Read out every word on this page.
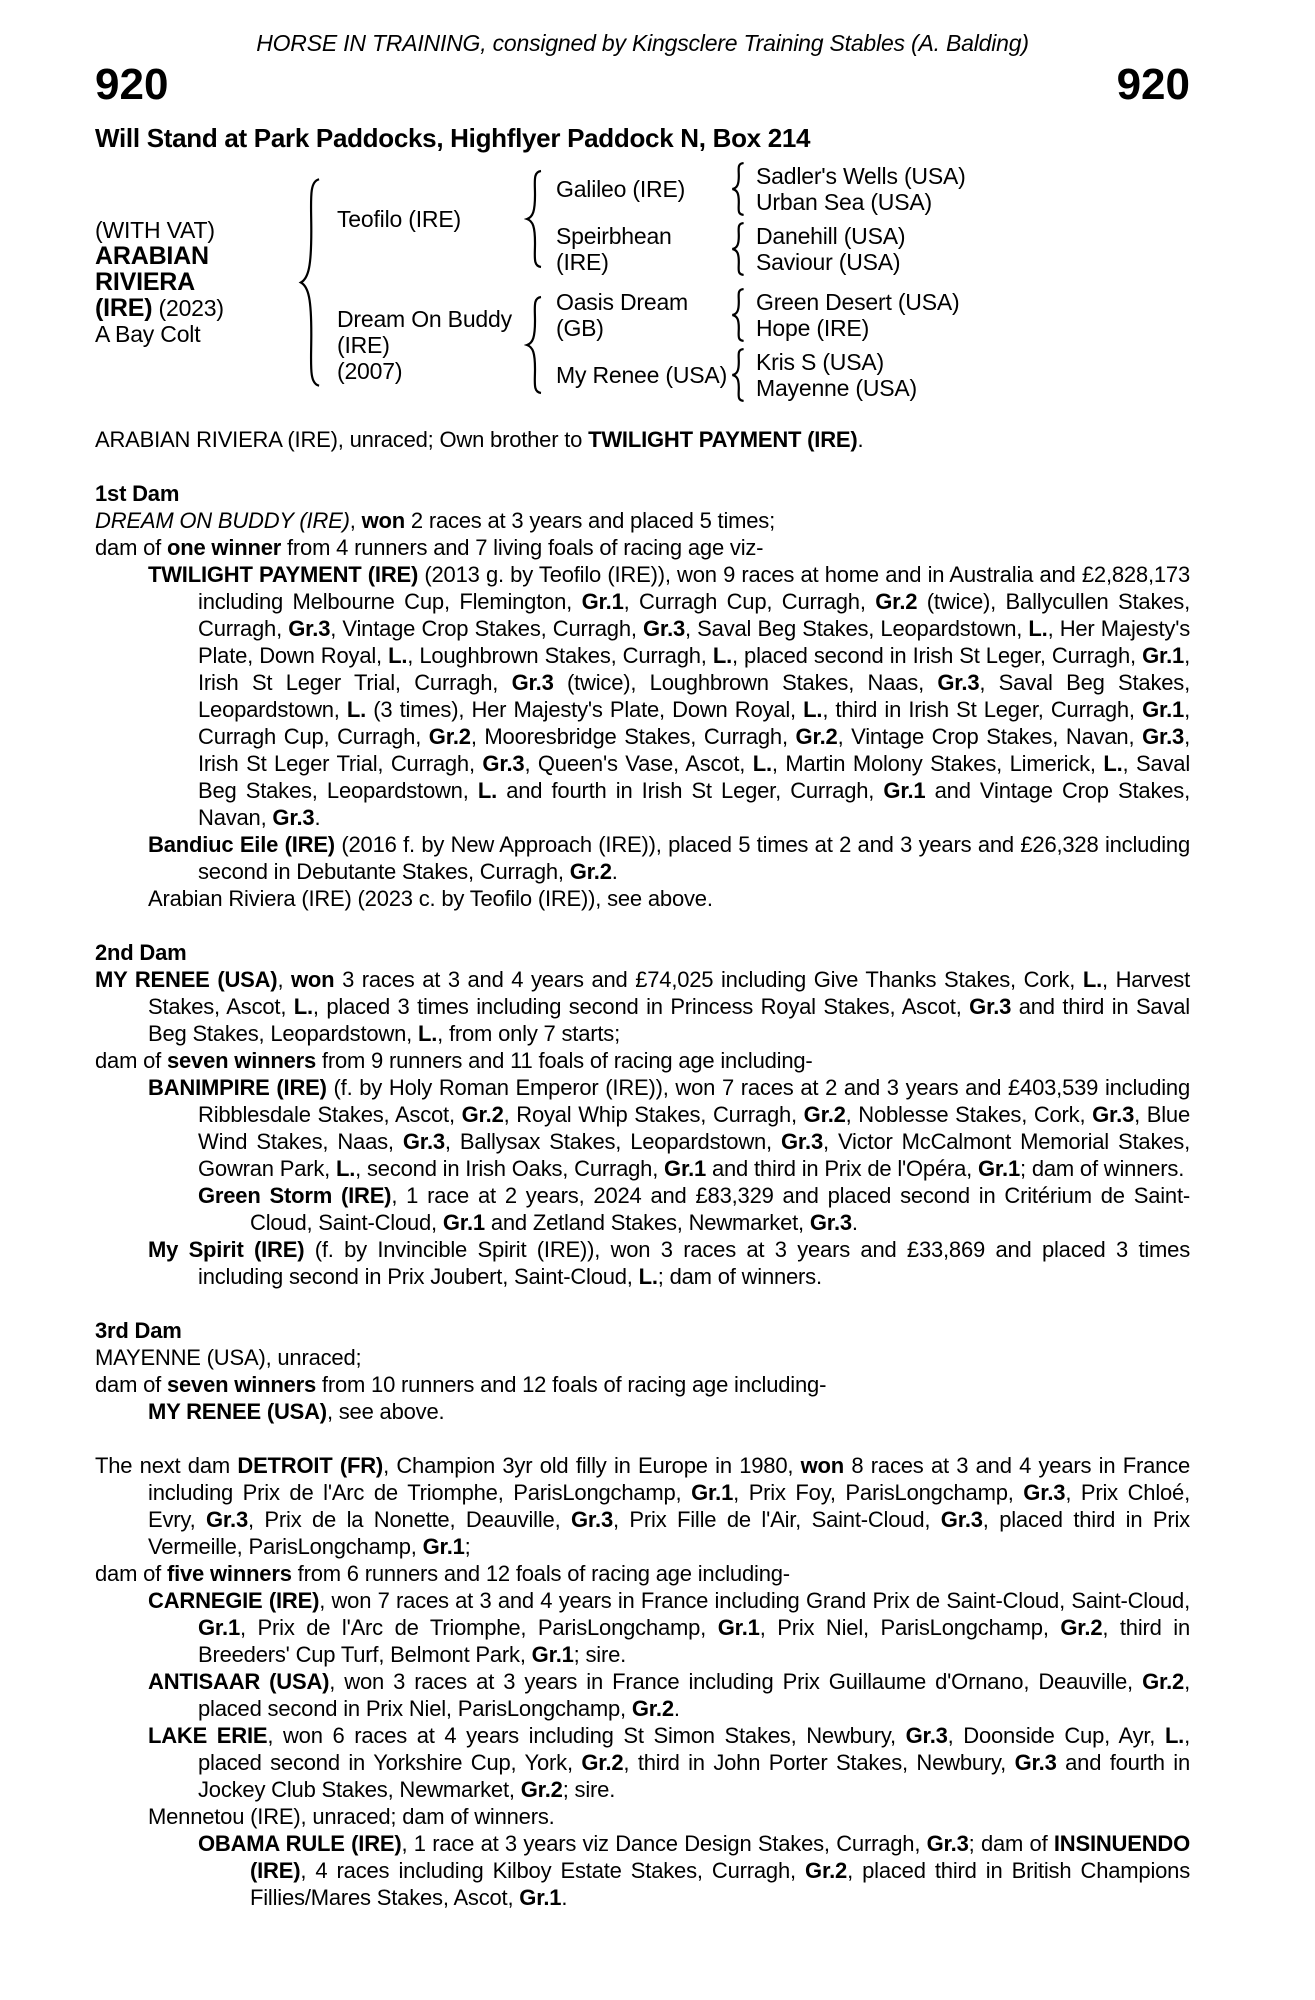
HORSE IN TRAINING, consigned by Kingsclere Training Stables (A. Balding)
920	920
Will Stand at Park Paddocks, Highflyer Paddock N, Box 214
(WITH VAT)
ARABIAN RIVIERA
(IRE) (2023)
A Bay Colt
Teofilo (IRE)
Galileo (IRE)	Sadler's Wells (USA)
Urban Sea (USA)
Speirbhean (IRE)
Danehill (USA)
Saviour (USA)
Dream On Buddy (IRE)
(2007)
Oasis Dream (GB)
Green Desert (USA)
Hope (IRE)
My Renee (USA) Kris S (USA)
Mayenne (USA)
ARABIAN RIVIERA (IRE), unraced; Own brother to TWILIGHT PAYMENT (IRE).
1st Dam
DREAM ON BUDDY (IRE), won 2 races at 3 years and placed 5 times;
dam of one winner from 4 runners and 7 living foals of racing age viz-
TWILIGHT PAYMENT (IRE) (2013 g. by Teofilo (IRE)), won 9 races at home and in Australia and £2,828,173 including Melbourne Cup, Flemington, Gr.1, Curragh Cup, Curragh, Gr.2 (twice), Ballycullen Stakes, Curragh, Gr.3, Vintage Crop Stakes, Curragh, Gr.3, Saval Beg Stakes, Leopardstown, L., Her Majesty's Plate, Down Royal, L., Loughbrown Stakes, Curragh, L., placed second in Irish St Leger, Curragh, Gr.1, Irish St Leger Trial, Curragh, Gr.3 (twice), Loughbrown Stakes, Naas, Gr.3, Saval Beg Stakes, Leopardstown, L. (3 times), Her Majesty's Plate, Down Royal, L., third in Irish St Leger, Curragh, Gr.1, Curragh Cup, Curragh, Gr.2, Mooresbridge Stakes, Curragh, Gr.2, Vintage Crop Stakes, Navan, Gr.3, Irish St Leger Trial, Curragh, Gr.3, Queen's Vase, Ascot, L., Martin Molony Stakes, Limerick, L., Saval Beg Stakes, Leopardstown, L. and fourth in Irish St Leger, Curragh, Gr.1 and Vintage Crop Stakes, Navan, Gr.3.
Bandiuc Eile (IRE) (2016 f. by New Approach (IRE)), placed 5 times at 2 and 3 years and £26,328 including second in Debutante Stakes, Curragh, Gr.2.
Arabian Riviera (IRE) (2023 c. by Teofilo (IRE)), see above.
2nd Dam
MY RENEE (USA), won 3 races at 3 and 4 years and £74,025 including Give Thanks Stakes, Cork, L., Harvest Stakes, Ascot, L., placed 3 times including second in Princess Royal Stakes, Ascot, Gr.3 and third in Saval Beg Stakes, Leopardstown, L., from only 7 starts;
dam of seven winners from 9 runners and 11 foals of racing age including-
BANIMPIRE (IRE) (f. by Holy Roman Emperor (IRE)), won 7 races at 2 and 3 years and £403,539 including Ribblesdale Stakes, Ascot, Gr.2, Royal Whip Stakes, Curragh, Gr.2, Noblesse Stakes, Cork, Gr.3, Blue Wind Stakes, Naas, Gr.3, Ballysax Stakes, Leopardstown, Gr.3, Victor McCalmont Memorial Stakes, Gowran Park, L., second in Irish Oaks, Curragh, Gr.1 and third in Prix de l'Opéra, Gr.1; dam of winners.
Green Storm (IRE), 1 race at 2 years, 2024 and £83,329 and placed second in Critérium de Saint-Cloud, Saint-Cloud, Gr.1 and Zetland Stakes, Newmarket, Gr.3.
My Spirit (IRE) (f. by Invincible Spirit (IRE)), won 3 races at 3 years and £33,869 and placed 3 times including second in Prix Joubert, Saint-Cloud, L.; dam of winners.
3rd Dam
MAYENNE (USA), unraced;
dam of seven winners from 10 runners and 12 foals of racing age including-
MY RENEE (USA), see above.
The next dam DETROIT (FR), Champion 3yr old filly in Europe in 1980, won 8 races at 3 and 4 years in France including Prix de l'Arc de Triomphe, ParisLongchamp, Gr.1, Prix Foy, ParisLongchamp, Gr.3, Prix Chloé, Evry, Gr.3, Prix de la Nonette, Deauville, Gr.3, Prix Fille de l'Air, Saint-Cloud, Gr.3, placed third in Prix Vermeille, ParisLongchamp, Gr.1;
dam of five winners from 6 runners and 12 foals of racing age including-
CARNEGIE (IRE), won 7 races at 3 and 4 years in France including Grand Prix de Saint-Cloud, Saint-Cloud, Gr.1, Prix de l'Arc de Triomphe, ParisLongchamp, Gr.1, Prix Niel, ParisLongchamp, Gr.2, third in Breeders' Cup Turf, Belmont Park, Gr.1; sire.
ANTISAAR (USA), won 3 races at 3 years in France including Prix Guillaume d'Ornano, Deauville, Gr.2, placed second in Prix Niel, ParisLongchamp, Gr.2.
LAKE ERIE, won 6 races at 4 years including St Simon Stakes, Newbury, Gr.3, Doonside Cup, Ayr, L., placed second in Yorkshire Cup, York, Gr.2, third in John Porter Stakes, Newbury, Gr.3 and fourth in Jockey Club Stakes, Newmarket, Gr.2; sire.
Mennetou (IRE), unraced; dam of winners.
OBAMA RULE (IRE), 1 race at 3 years viz Dance Design Stakes, Curragh, Gr.3; dam of INSINUENDO (IRE), 4 races including Kilboy Estate Stakes, Curragh, Gr.2, placed third in British Champions Fillies/Mares Stakes, Ascot, Gr.1.
